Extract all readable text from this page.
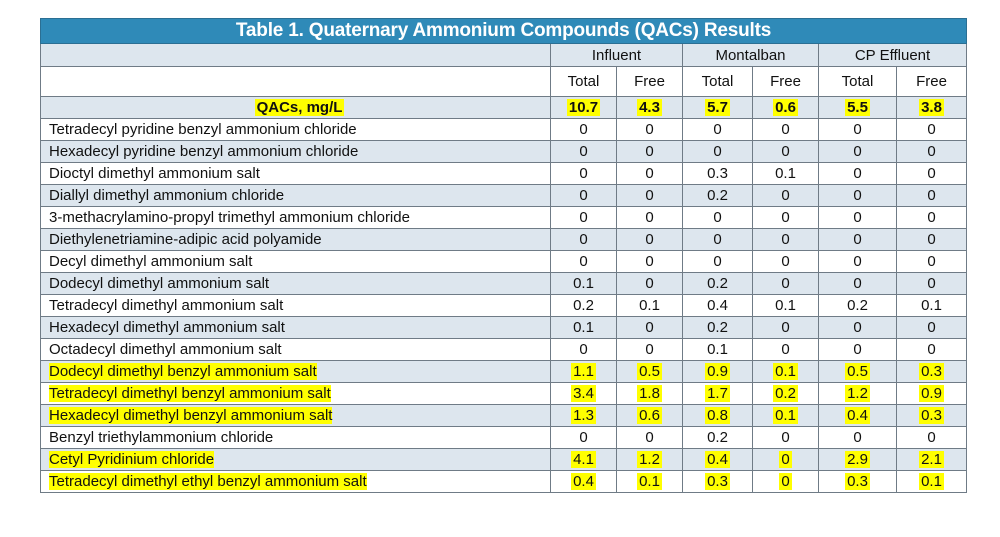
Table 1. Quaternary Ammonium Compounds (QACs) Results						
	Influent		Montalban		CP Effluent	
	Total	Free	Total	Free	Total	Free
QACs, mg/L	10.7	4.3	5.7	0.6	5.5	3.8
Tetradecyl pyridine benzyl ammonium chloride	0	0	0	0	0	0
Hexadecyl pyridine benzyl ammonium chloride	0	0	0	0	0	0
Dioctyl dimethyl ammonium salt	0	0	0.3	0.1	0	0
Diallyl dimethyl ammonium chloride	0	0	0.2	0	0	0
3-methacrylamino-propyl trimethyl ammonium chloride	0	0	0	0	0	0
Diethylenetriamine-adipic acid polyamide	0	0	0	0	0	0
Decyl dimethyl ammonium salt	0	0	0	0	0	0
Dodecyl dimethyl ammonium salt	0.1	0	0.2	0	0	0
Tetradecyl dimethyl ammonium salt	0.2	0.1	0.4	0.1	0.2	0.1
Hexadecyl dimethyl ammonium salt	0.1	0	0.2	0	0	0
Octadecyl dimethyl ammonium salt	0	0	0.1	0	0	0
Dodecyl dimethyl benzyl ammonium salt	1.1	0.5	0.9	0.1	0.5	0.3
Tetradecyl dimethyl benzyl ammonium salt	3.4	1.8	1.7	0.2	1.2	0.9
Hexadecyl dimethyl benzyl ammonium salt	1.3	0.6	0.8	0.1	0.4	0.3
Benzyl triethylammonium chloride	0	0	0.2	0	0	0
Cetyl Pyridinium chloride	4.1	1.2	0.4	0	2.9	2.1
Tetradecyl dimethyl ethyl benzyl ammonium salt	0.4	0.1	0.3	0	0.3	0.1
